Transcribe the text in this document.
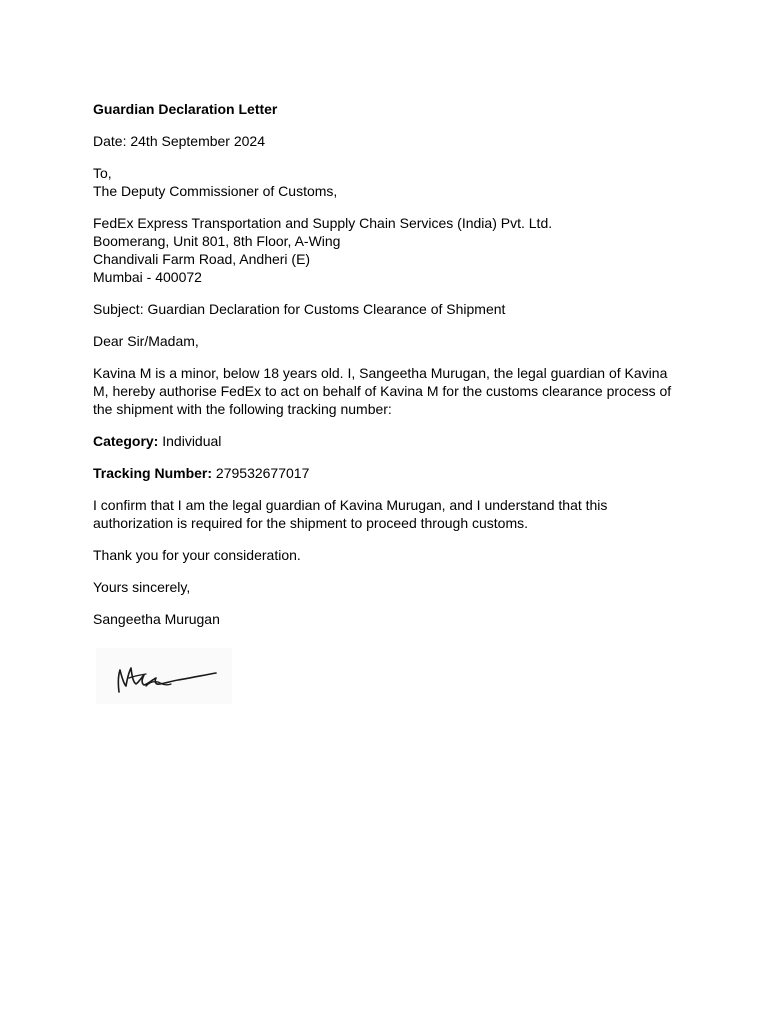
Guardian Declaration Letter
Date: 24th September 2024
To,
The Deputy Commissioner of Customs,
FedEx Express Transportation and Supply Chain Services (India) Pvt. Ltd.
Boomerang, Unit 801, 8th Floor, A-Wing
Chandivali Farm Road, Andheri (E)
Mumbai - 400072
Subject: Guardian Declaration for Customs Clearance of Shipment
Dear Sir/Madam,
Kavina M is a minor, below 18 years old. I, Sangeetha Murugan, the legal guardian of Kavina M, hereby authorise FedEx to act on behalf of Kavina M for the customs clearance process of the shipment with the following tracking number:
Category: Individual
Tracking Number: 279532677017
I confirm that I am the legal guardian of Kavina Murugan, and I understand that this authorization is required for the shipment to proceed through customs.
Thank you for your consideration.
Yours sincerely,
Sangeetha Murugan
